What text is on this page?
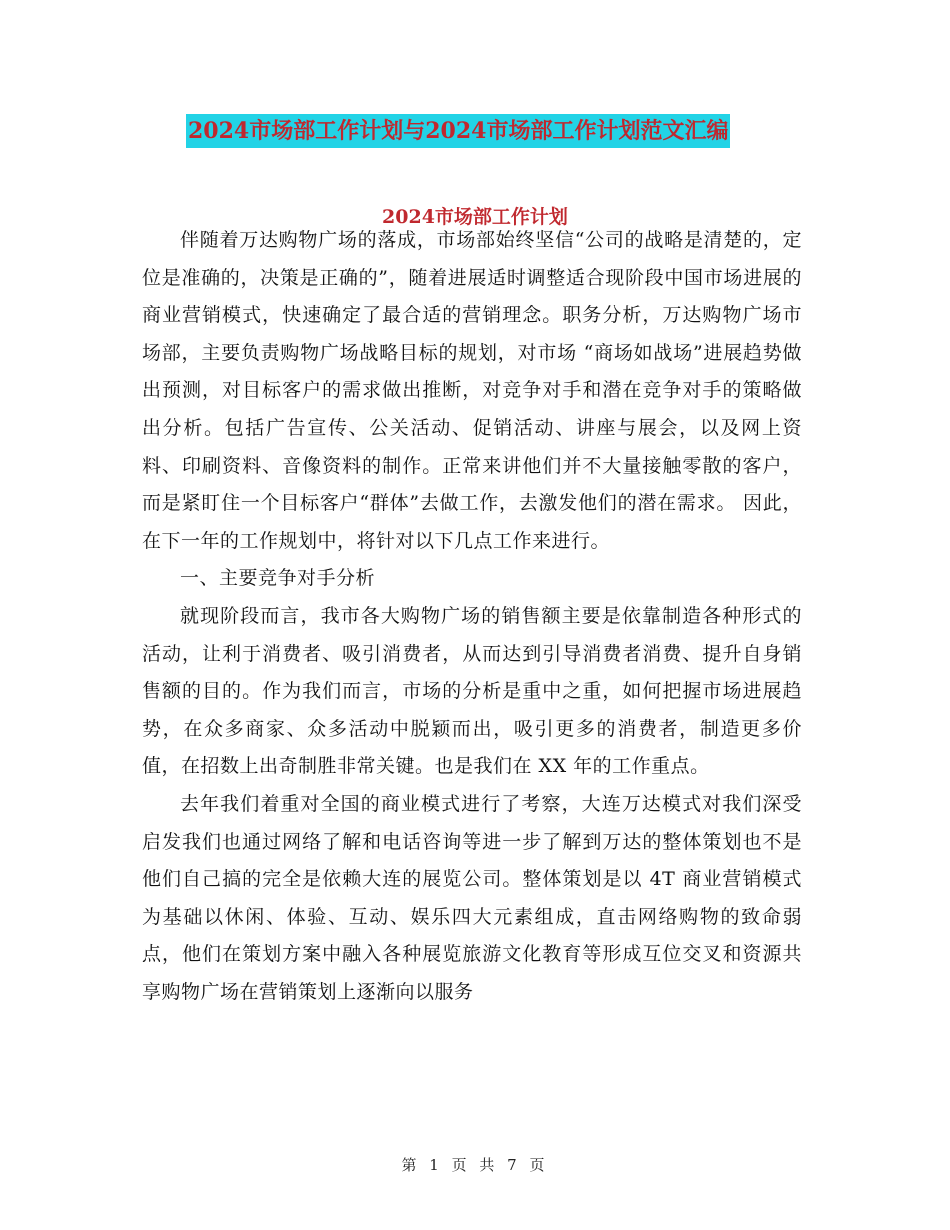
2024市场部工作计划与2024市场部工作计划范文汇编
2024市场部工作计划

伴随着万达购物广场的落成，市场部始终坚信“公司的战略是清楚的，定位是准确的，决策是正确的”，随着进展适时调整适合现阶段中国市场进展的商业营销模式，快速确定了最合适的营销理念。职务分析，万达购物广场市场部，主要负责购物广场战略目标的规划，对市场 “商场如战场”进展趋势做出预测，对目标客户的需求做出推断，对竞争对手和潜在竞争对手的策略做出分析。包括广告宣传、公关活动、促销活动、讲座与展会，以及网上资料、印刷资料、音像资料的制作。正常来讲他们并不大量接触零散的客户，而是紧盯住一个目标客户“群体”去做工作，去激发他们的潜在需求。 因此，在下一年的工作规划中，将针对以下几点工作来进行。

一、主要竞争对手分析

就现阶段而言，我市各大购物广场的销售额主要是依靠制造各种形式的活动，让利于消费者、吸引消费者，从而达到引导消费者消费、提升自身销售额的目的。作为我们而言，市场的分析是重中之重，如何把握市场进展趋势，在众多商家、众多活动中脱颖而出，吸引更多的消费者，制造更多价值，在招数上出奇制胜非常关键。也是我们在 XX 年的工作重点。

去年我们着重对全国的商业模式进行了考察，大连万达模式对我们深受启发我们也通过网络了解和电话咨询等进一步了解到万达的整体策划也不是他们自己搞的完全是依赖大连的展览公司。整体策划是以 4T 商业营销模式为基础以休闲、体验、互动、娱乐四大元素组成，直击网络购物的致命弱点，他们在策划方案中融入各种展览旅游文化教育等形成互位交叉和资源共享购物广场在营销策划上逐渐向以服务

第 1 页 共 7 页
